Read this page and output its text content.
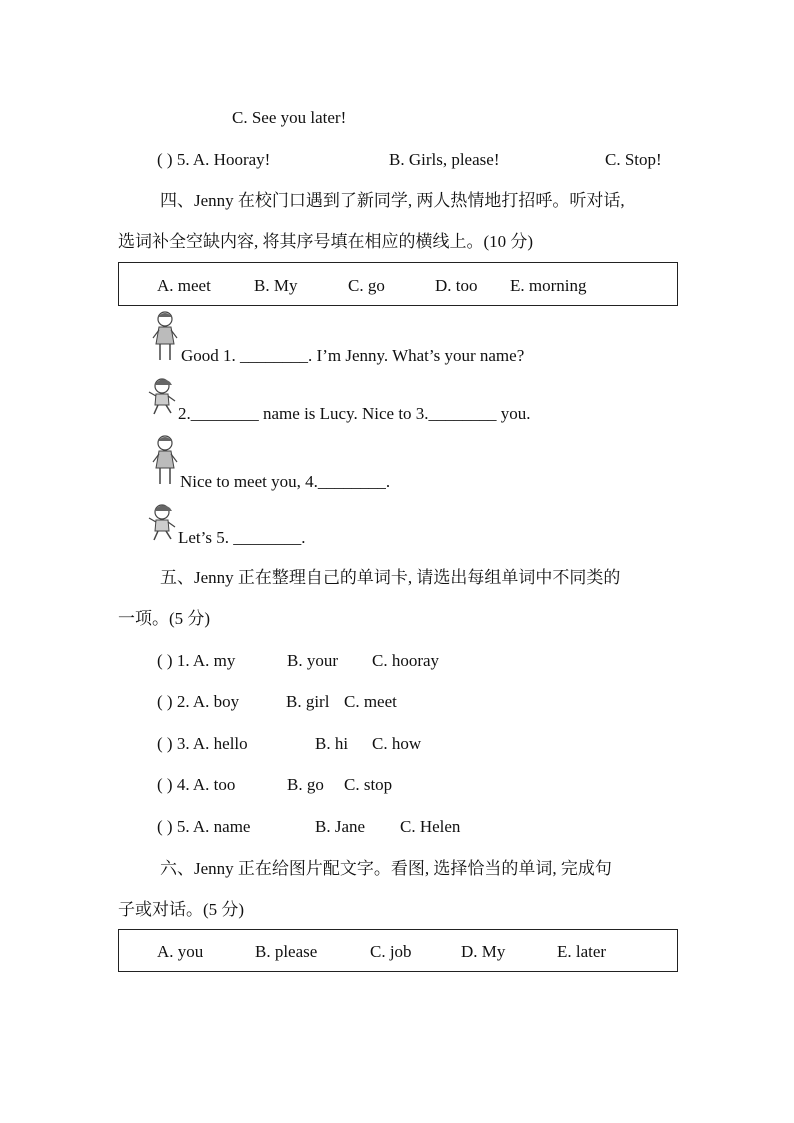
C. See you later!
( ) 5. A. Hooray!	B. Girls, please!	C. Stop!
四、Jenny 在校门口遇到了新同学, 两人热情地打招呼。听对话,
选词补全空缺内容, 将其序号填在相应的横线上。(10 分)
A. meet	B. My	C. go	D. too E. morning
Good 1. ________. I’m Jenny. What’s your name?
2.________ name is Lucy. Nice to 3.________ you.
Nice to meet you, 4.________.
Let’s 5. ________.
五、Jenny 正在整理自己的单词卡, 请选出每组单词中不同类的
一项。(5 分)
( ) 1. A. my	B. your C. hooray
( ) 2. A. boy	B. girl C. meet
( ) 3. A. hello	B. hi C. how
( ) 4. A. too	B. go C. stop
( ) 5. A. name	B. Jane C. Helen
六、Jenny 正在给图片配文字。看图, 选择恰当的单词, 完成句
子或对话。(5 分)
A. you	B. please	C. job	D. My	E. later
